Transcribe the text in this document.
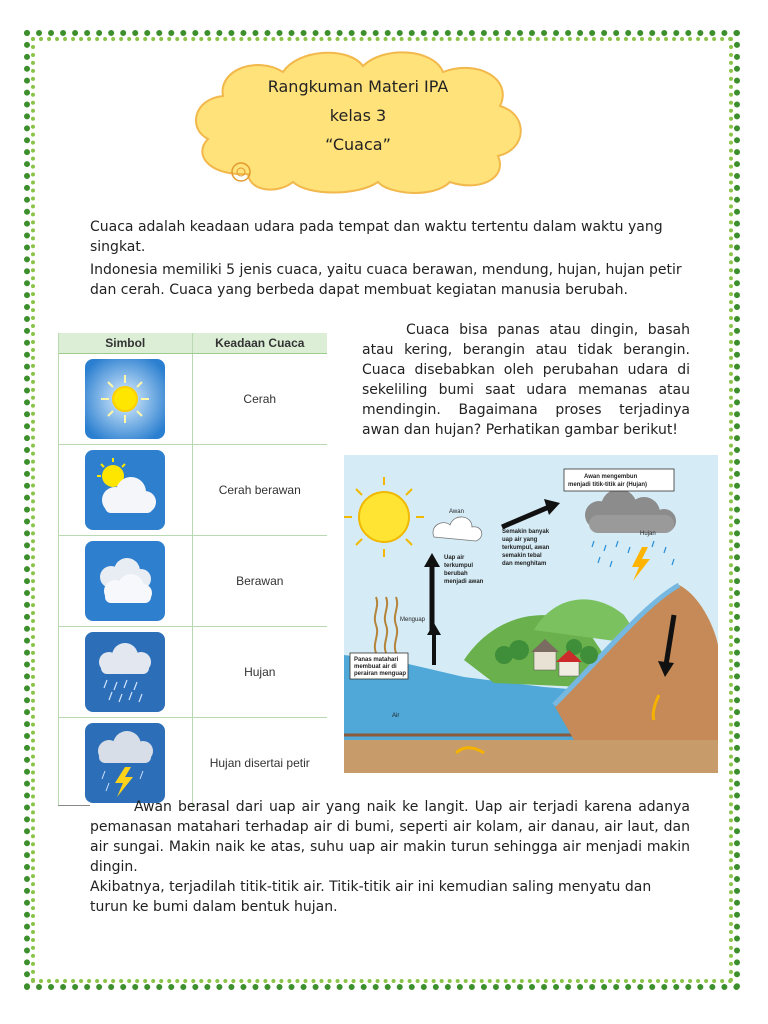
Rangkuman Materi IPA
kelas 3
“Cuaca”
Cuaca adalah keadaan udara pada tempat dan waktu tertentu dalam waktu yang singkat.
Indonesia memiliki 5 jenis cuaca, yaitu cuaca berawan, mendung, hujan, hujan petir dan cerah. Cuaca yang berbeda dapat membuat kegiatan manusia berubah.
Cuaca bisa panas atau dingin, basah atau kering, berangin atau tidak berangin. Cuaca disebabkan oleh perubahan udara di sekeliling bumi saat udara memanas atau mendingin. Bagaimana proses terjadinya awan dan hujan? Perhatikan gambar berikut!
Simbol	Keadaan Cuaca
Cerah
Cerah berawan
Berawan
Hujan
Hujan disertai petir
Awan
Uap air
terkumpul
berubah
menjadi awan
Semakin banyak
uap air yang
terkumpul, awan
semakin tebal
dan menghitam
Awan mengembun
menjadi titik-titik air (Hujan)
Hujan
Menguap
Panas matahari
membuat air di
perairan menguap
Air
Awan berasal dari uap air yang naik ke langit. Uap air terjadi karena adanya pemanasan matahari terhadap air di bumi, seperti air kolam, air danau, air laut, dan air sungai. Makin naik ke atas, suhu uap air makin turun sehingga air menjadi makin dingin.
Akibatnya, terjadilah titik-titik air. Titik-titik air ini kemudian saling menyatu dan turun ke bumi dalam bentuk hujan.
